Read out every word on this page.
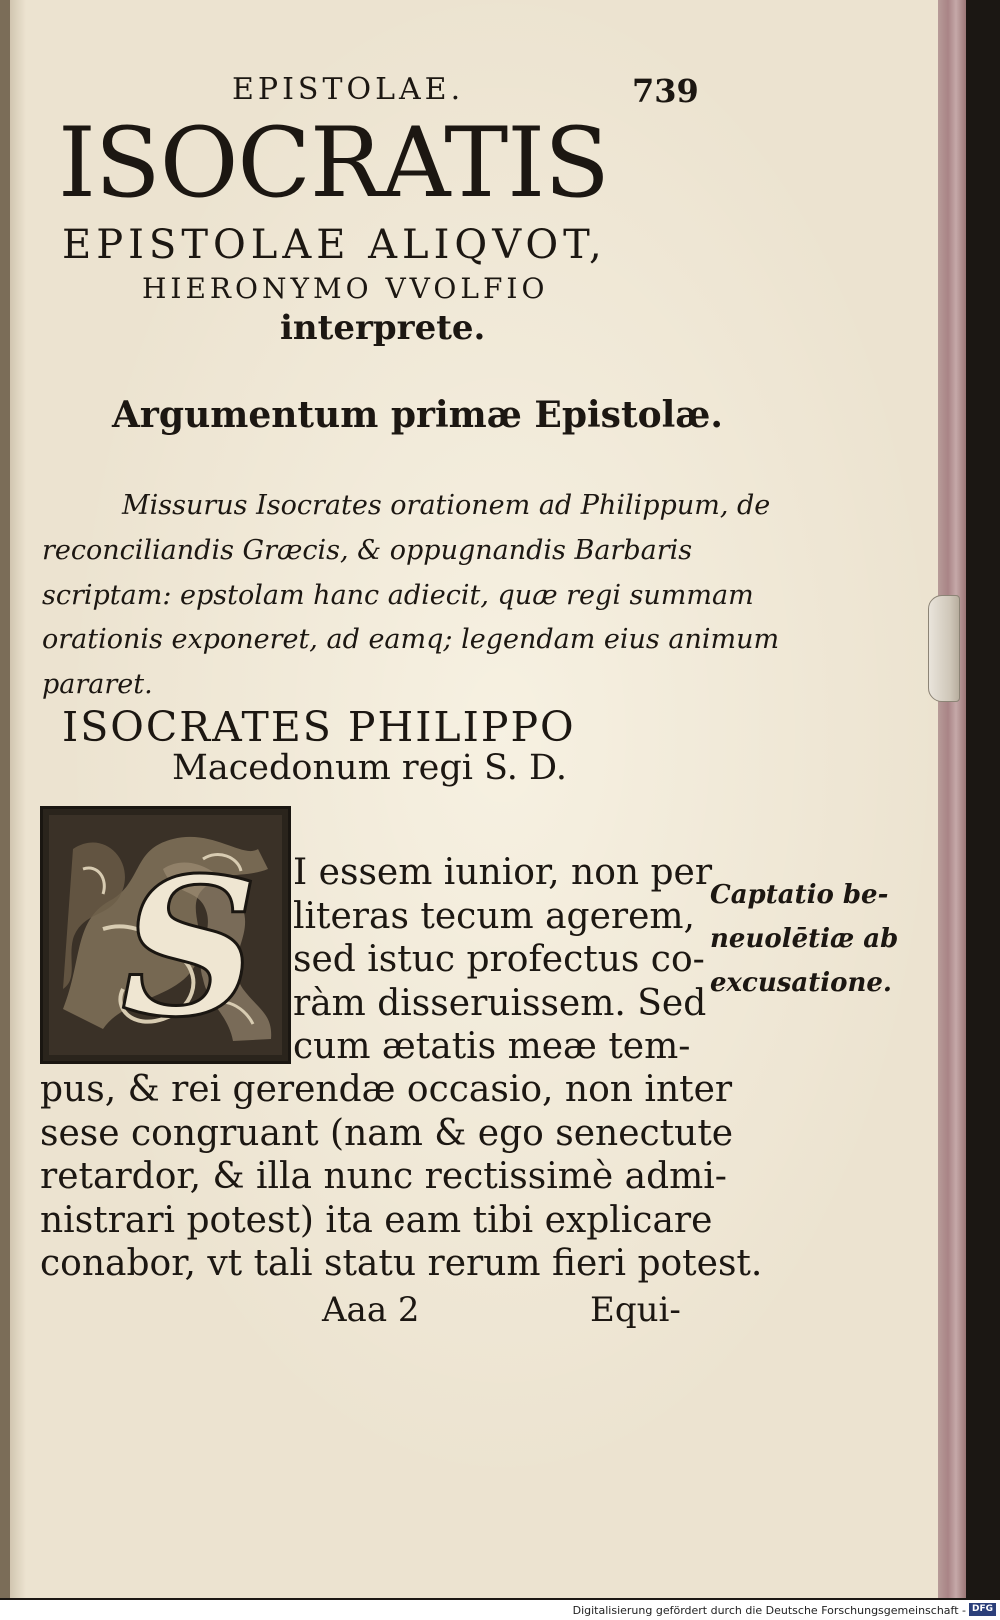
EPISTOLAE.	739
ISOCRATIS
EPISTOLAE ALIQVOT,
HIERONYMO VVOLFIO
interprete.
Argumentum primæ Epistolæ.
Missurus Isocrates orationem ad Philippum, de
reconciliandis Græcis, & oppugnandis Barbaris
scriptam: epstolam hanc adiecit, quæ regi summam
orationis exponeret, ad eamq; legendam eius animum
pararet.
ISOCRATES PHILIPPO
Macedonum regi S. D.
S I essem iunior, non per
literas tecum agerem,
sed istuc profectus co-
ràm disseruissem. Sed
cum ætatis meæ tem-
pus, & rei gerendæ occasio, non inter
sese congruant (nam & ego senectute
retardor, & illa nunc rectissimè admi-
nistrari potest) ita eam tibi explicare
conabor, vt tali statu rerum fieri potest.
Captatio be-
neuolētiæ ab
excusatione.
Aaa 2	Equi-
Digitalisierung gefördert durch die Deutsche Forschungsgemeinschaft - DFG
